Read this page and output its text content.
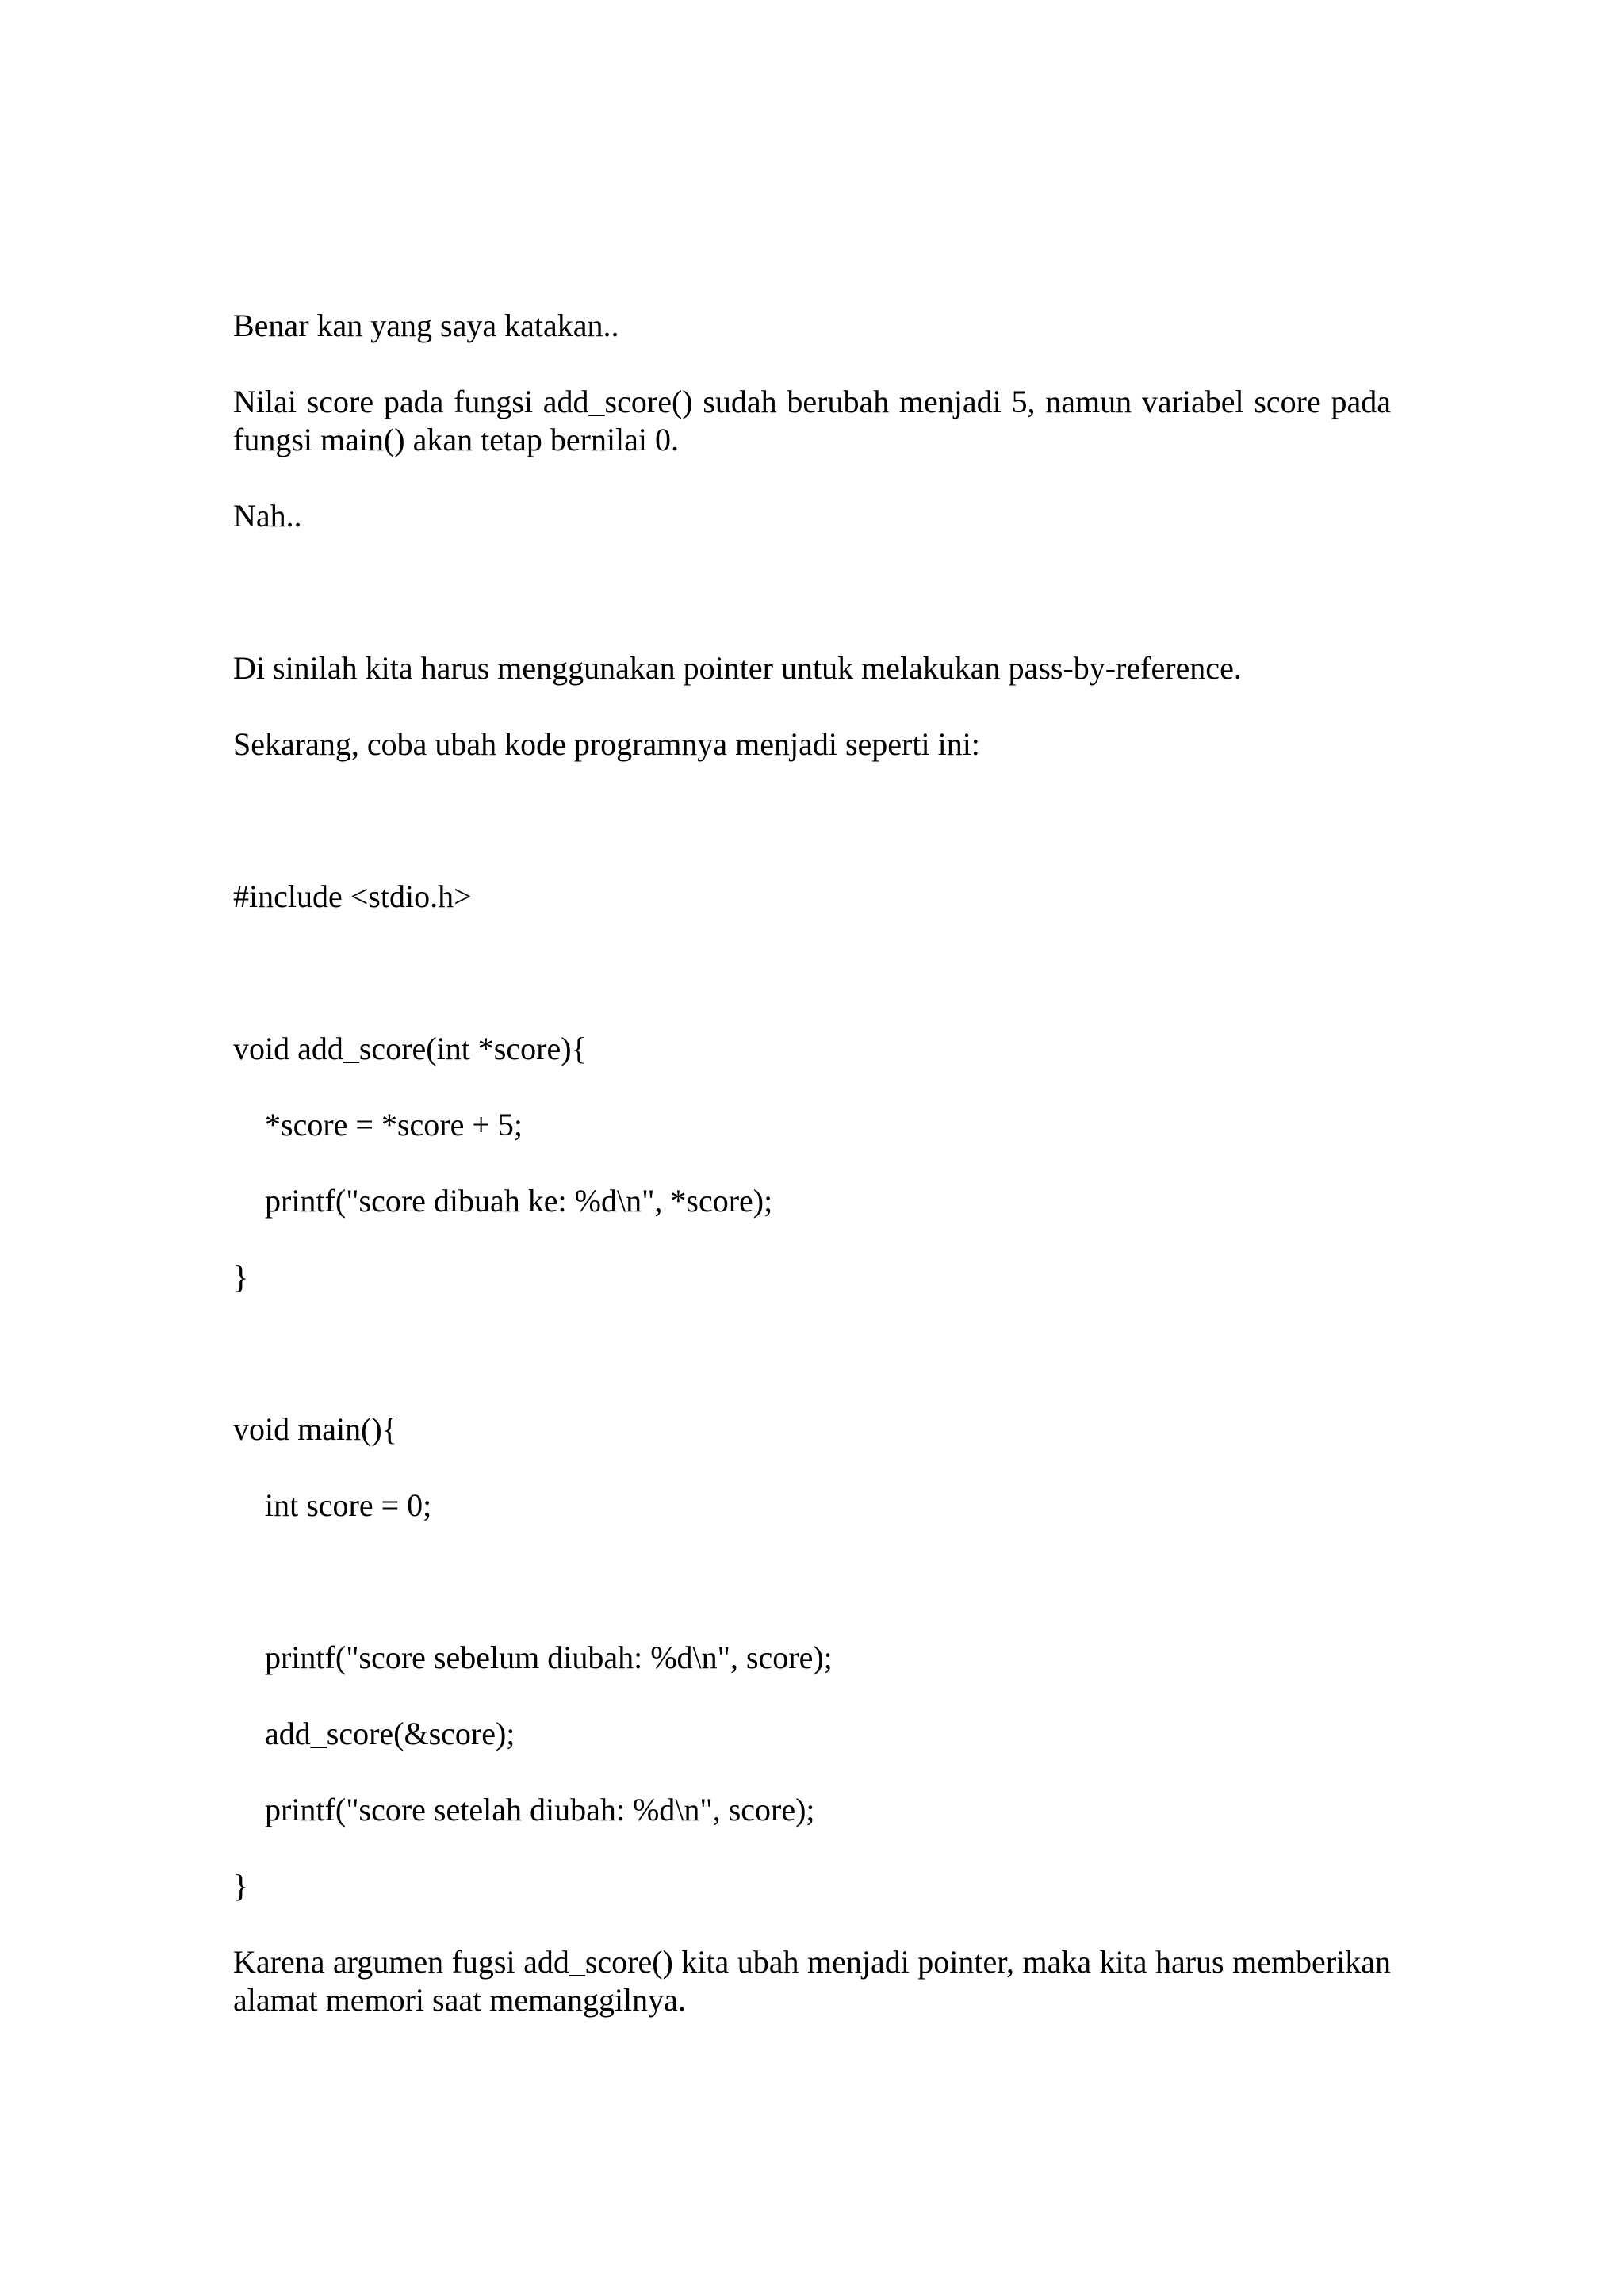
Benar kan yang saya katakan..

Nilai score pada fungsi add_score() sudah berubah menjadi 5, namun variabel score pada fungsi main() akan tetap bernilai 0.

Nah..

Di sinilah kita harus menggunakan pointer untuk melakukan pass-by-reference.

Sekarang, coba ubah kode programnya menjadi seperti ini:

#include <stdio.h>

void add_score(int *score){

*score = *score + 5;

printf("score dibuah ke: %d\n", *score);

}

void main(){

int score = 0;

printf("score sebelum diubah: %d\n", score);

add_score(&score);

printf("score setelah diubah: %d\n", score);

}

Karena argumen fugsi add_score() kita ubah menjadi pointer, maka kita harus memberikan alamat memori saat memanggilnya.
